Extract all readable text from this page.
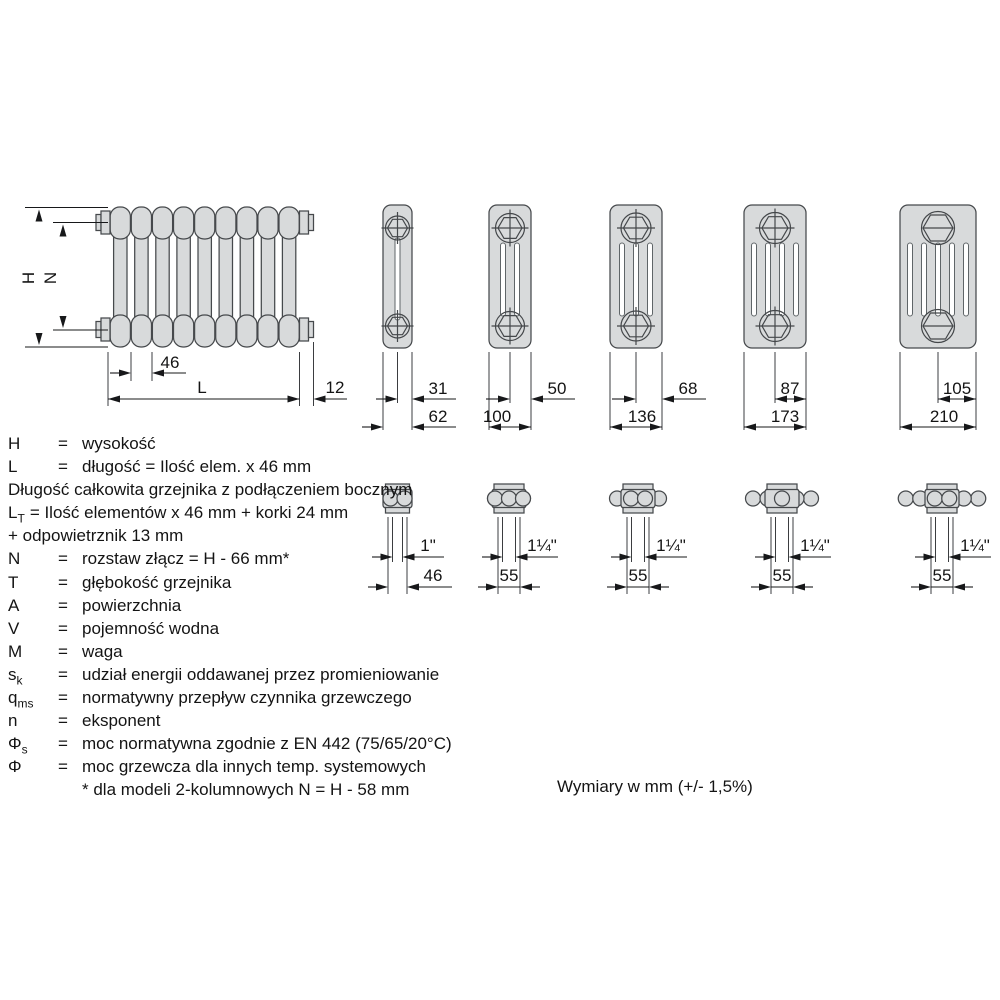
H N
46
L	12	31
62
50
100
68
136
87
173
105
210
1"
46
1¼"
55
1¼"
55
1¼"
55
1¼"
55
H	= wysokość
L	= długość = Ilość elem. x 46 mm
Długość całkowita grzejnika z podłączeniem bocznym
$L_T$ = Ilość elementów x 46 mm + korki 24 mm
+ odpowietrznik 13 mm
N	= rozstaw złącz = H - 66 mm*
T	= głębokość grzejnika
A	= powierzchnia
V	= pojemność wodna
M	= waga
$s_k$	= udział energii oddawanej przez promieniowanie
$q_{ms}$	= normatywny przepływ czynnika grzewczego
n	= eksponent
$\Phi_s$	= moc normatywna zgodnie z EN 442 (75/65/20°C)
Φ	= moc grzewcza dla innych temp. systemowych
* dla modeli 2-kolumnowych N = H - 58 mm	Wymiary w mm (+/- 1,5%)
